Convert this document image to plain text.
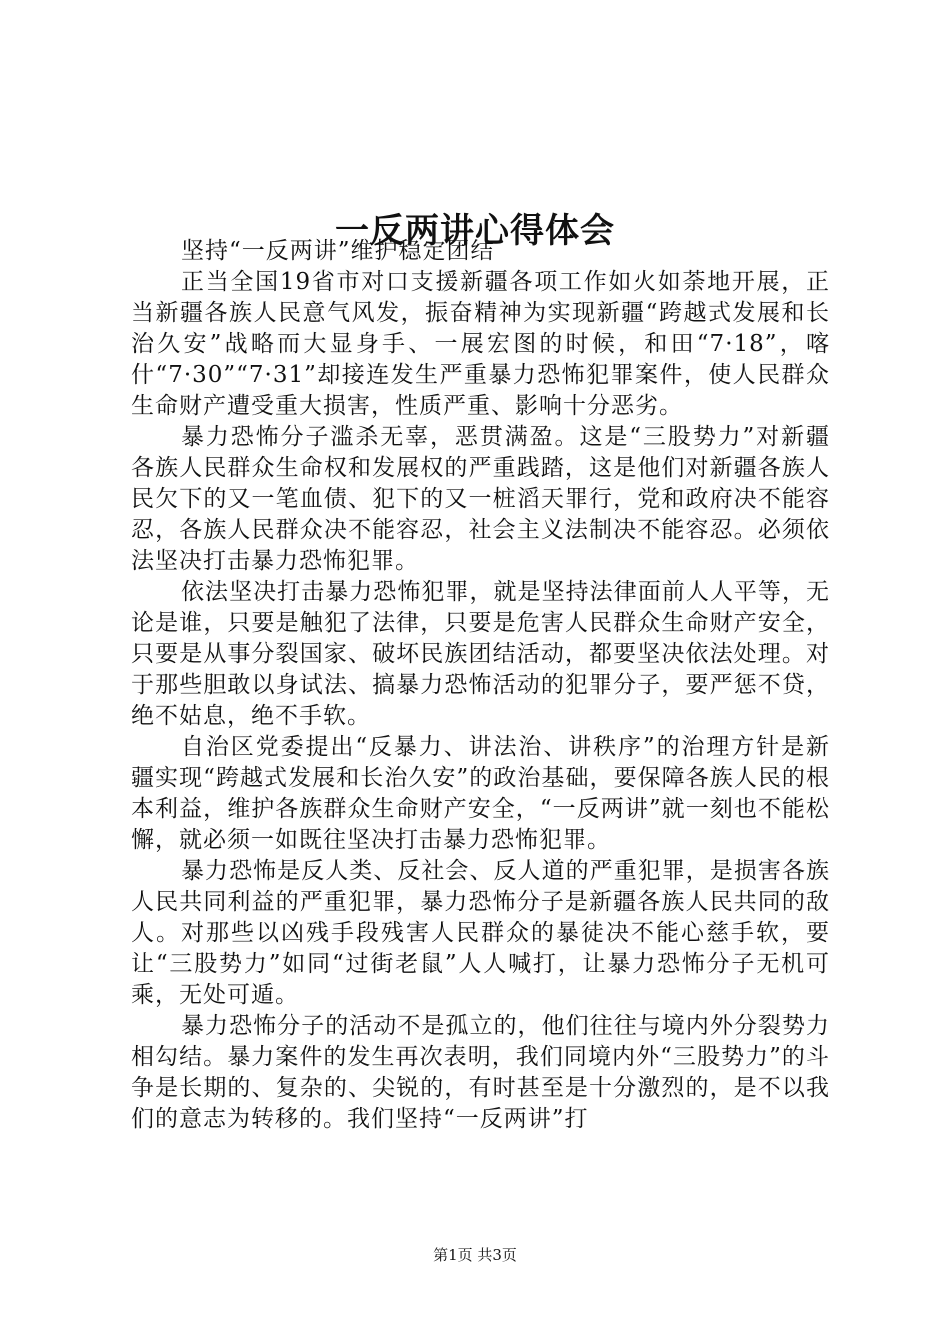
一反两讲心得体会

坚持“一反两讲”维护稳定团结

正当全国19省市对口支援新疆各项工作如火如荼地开展，正当新疆各族人民意气风发，振奋精神为实现新疆“跨越式发展和长治久安”战略而大显身手、一展宏图的时候，和田“7·18”，喀什“7·30”“7·31”却接连发生严重暴力恐怖犯罪案件，使人民群众生命财产遭受重大损害，性质严重、影响十分恶劣。

暴力恐怖分子滥杀无辜，恶贯满盈。这是“三股势力”对新疆各族人民群众生命权和发展权的严重践踏，这是他们对新疆各族人民欠下的又一笔血债、犯下的又一桩滔天罪行，党和政府决不能容忍，各族人民群众决不能容忍，社会主义法制决不能容忍。必须依法坚决打击暴力恐怖犯罪。

依法坚决打击暴力恐怖犯罪，就是坚持法律面前人人平等，无论是谁，只要是触犯了法律，只要是危害人民群众生命财产安全，只要是从事分裂国家、破坏民族团结活动，都要坚决依法处理。对于那些胆敢以身试法、搞暴力恐怖活动的犯罪分子，要严惩不贷，绝不姑息，绝不手软。

自治区党委提出“反暴力、讲法治、讲秩序”的治理方针是新疆实现“跨越式发展和长治久安”的政治基础，要保障各族人民的根本利益，维护各族群众生命财产安全，“一反两讲”就一刻也不能松懈，就必须一如既往坚决打击暴力恐怖犯罪。

暴力恐怖是反人类、反社会、反人道的严重犯罪，是损害各族人民共同利益的严重犯罪，暴力恐怖分子是新疆各族人民共同的敌人。对那些以凶残手段残害人民群众的暴徒决不能心慈手软，要让“三股势力”如同“过街老鼠”人人喊打，让暴力恐怖分子无机可乘，无处可遁。

暴力恐怖分子的活动不是孤立的，他们往往与境内外分裂势力相勾结。暴力案件的发生再次表明，我们同境内外“三股势力”的斗争是长期的、复杂的、尖锐的，有时甚至是十分激烈的，是不以我们的意志为转移的。我们坚持“一反两讲”打

第1页 共3页
